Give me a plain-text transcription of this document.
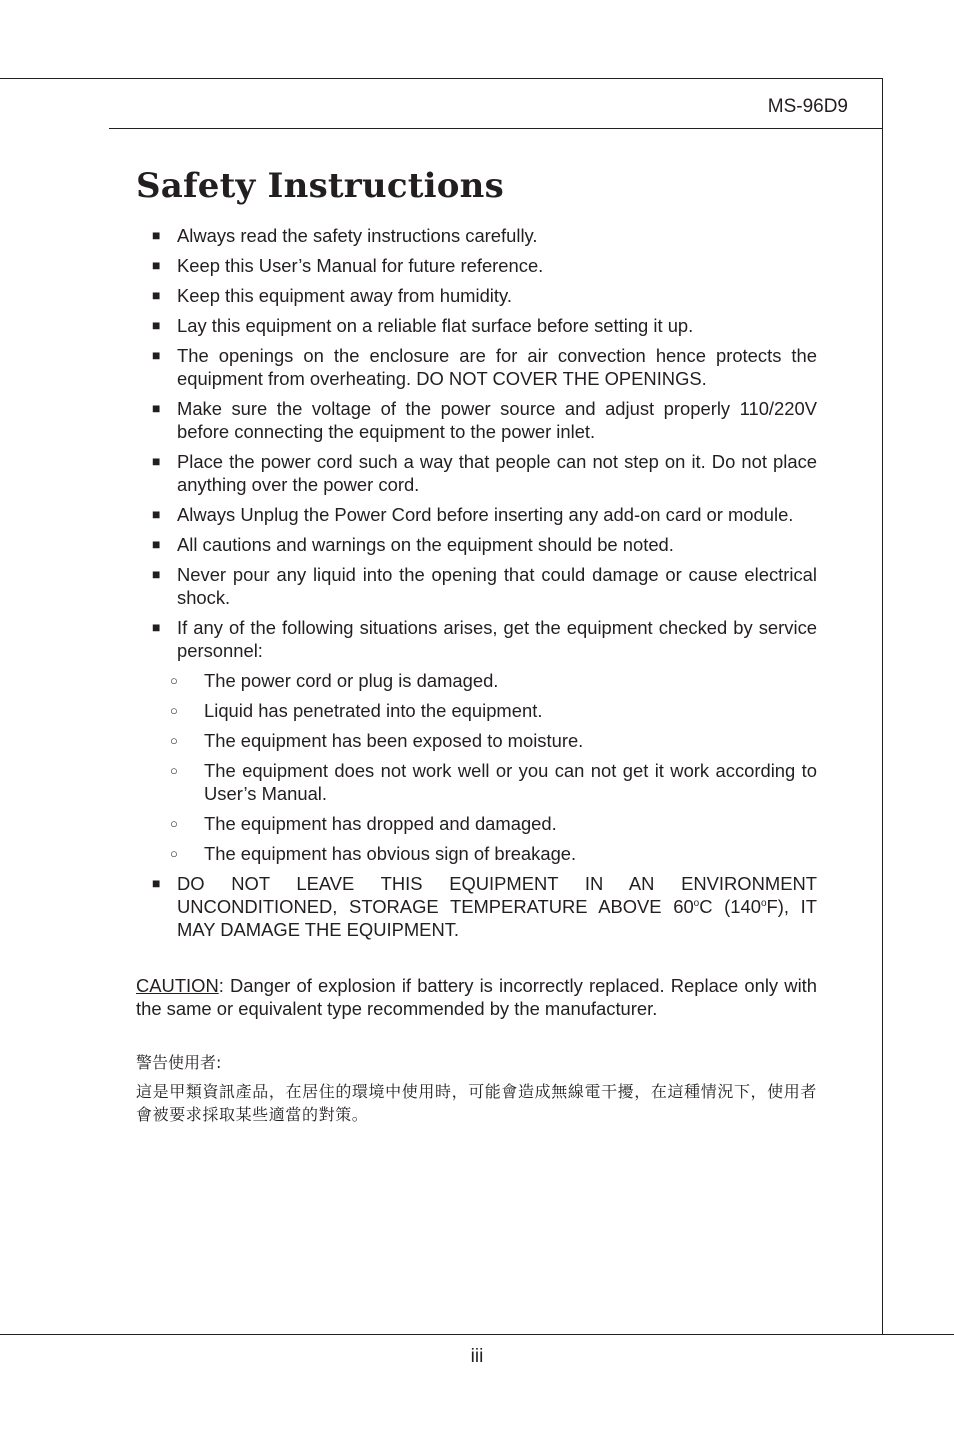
MS-96D9
Safety Instructions
■ Always read the safety instructions carefully.
■ Keep this User’s Manual for future reference.
■ Keep this equipment away from humidity.
■ Lay this equipment on a reliable flat surface before setting it up.
■ The openings on the enclosure are for air convection hence protects the equipment from overheating. DO NOT COVER THE OPENINGS.
■ Make sure the voltage of the power source and adjust properly 110/220V before connecting the equipment to the power inlet.
■ Place the power cord such a way that people can not step on it. Do not place anything over the power cord.
■ Always Unplug the Power Cord before inserting any add-on card or module.
■ All cautions and warnings on the equipment should be noted.
■ Never pour any liquid into the opening that could damage or cause electrical shock.
■ If any of the following situations arises, get the equipment checked by service personnel:
○ The power cord or plug is damaged.
○ Liquid has penetrated into the equipment.
○ The equipment has been exposed to moisture.
○ The equipment does not work well or you can not get it work according to User’s Manual.
○ The equipment has dropped and damaged.
○ The equipment has obvious sign of breakage.
■ DO NOT LEAVE THIS EQUIPMENT IN AN ENVIRONMENT UNCONDITIONED, STORAGE TEMPERATURE ABOVE 60$^o$C (140$^o$F), IT MAY DAMAGE THE EQUIPMENT.

CAUTION: Danger of explosion if battery is incorrectly replaced. Replace only with the same or equivalent type recommended by the manufacturer.

警告使用者:
這是甲類資訊產品，在居住的環境中使用時，可能會造成無線電干擾，在這種情況下，使用者會被要求採取某些適當的對策。
iii
